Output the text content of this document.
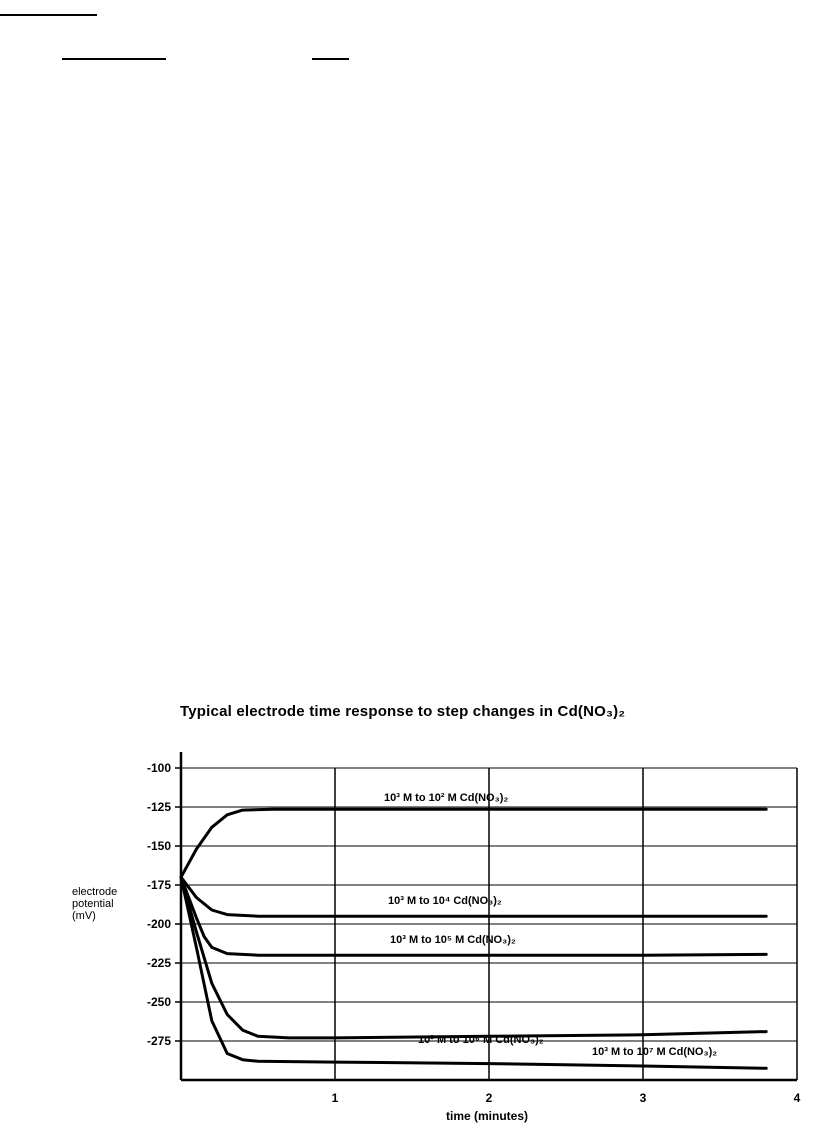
Typical electrode time response to step changes in Cd(NO₃)₂
electrode
potential
(mV)
time (minutes)
-100
-125
-150
-175
-200
-225
-250
-275
1	2	3	4
10³ M to 10² M Cd(NO₃)₂
10³ M to 10⁴ Cd(NO₃)₂
10³ M to 10⁵ M Cd(NO₃)₂
10³ M to 10⁶ M Cd(NO₃)₂
10³ M to 10⁷ M Cd(NO₃)₂
